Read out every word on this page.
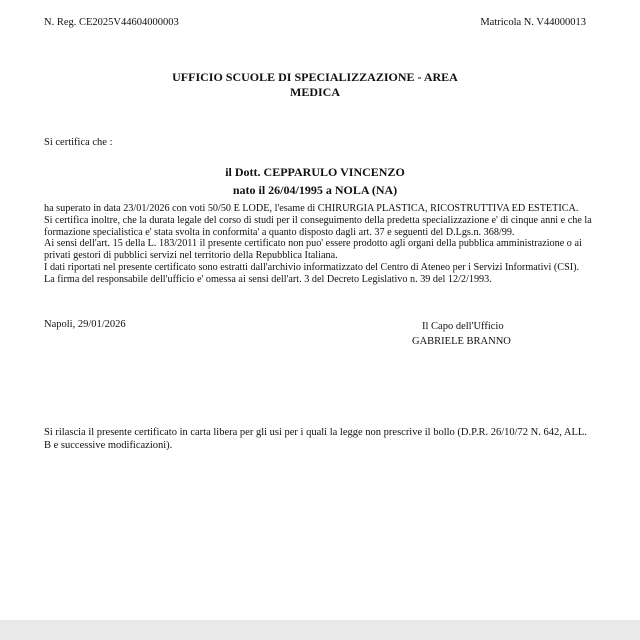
N. Reg. CE2025V44604000003	Matricola N. V44000013
UFFICIO SCUOLE DI SPECIALIZZAZIONE - AREA
MEDICA
Si certifica che :
il Dott. CEPPARULO VINCENZO
nato il 26/04/1995 a NOLA (NA)

ha superato in data 23/01/2026 con voti 50/50 E LODE, l'esame di CHIRURGIA PLASTICA, RICOSTRUTTIVA ED ESTETICA.

Si certifica inoltre, che la durata legale del corso di studi per il conseguimento della predetta specializzazione e' di cinque anni e che la formazione specialistica e' stata svolta in conformita' a quanto disposto dagli art. 37 e seguenti del D.Lgs.n. 368/99.

Ai sensi dell'art. 15 della L. 183/2011 il presente certificato non puo' essere prodotto agli organi della pubblica amministrazione o ai privati gestori di pubblici servizi nel territorio della Repubblica Italiana.

I dati riportati nel presente certificato sono estratti dall'archivio informatizzato del Centro di Ateneo per i Servizi Informativi (CSI).

La firma del responsabile dell'ufficio e' omessa ai sensi dell'art. 3 del Decreto Legislativo n. 39 del 12/2/1993.

Napoli, 29/01/2026	Il Capo dell'Ufficio
GABRIELE BRANNO
Si rilascia il presente certificato in carta libera per gli usi per i quali la legge non prescrive il bollo (D.P.R. 26/10/72 N. 642, ALL. B e successive modificazioni).
